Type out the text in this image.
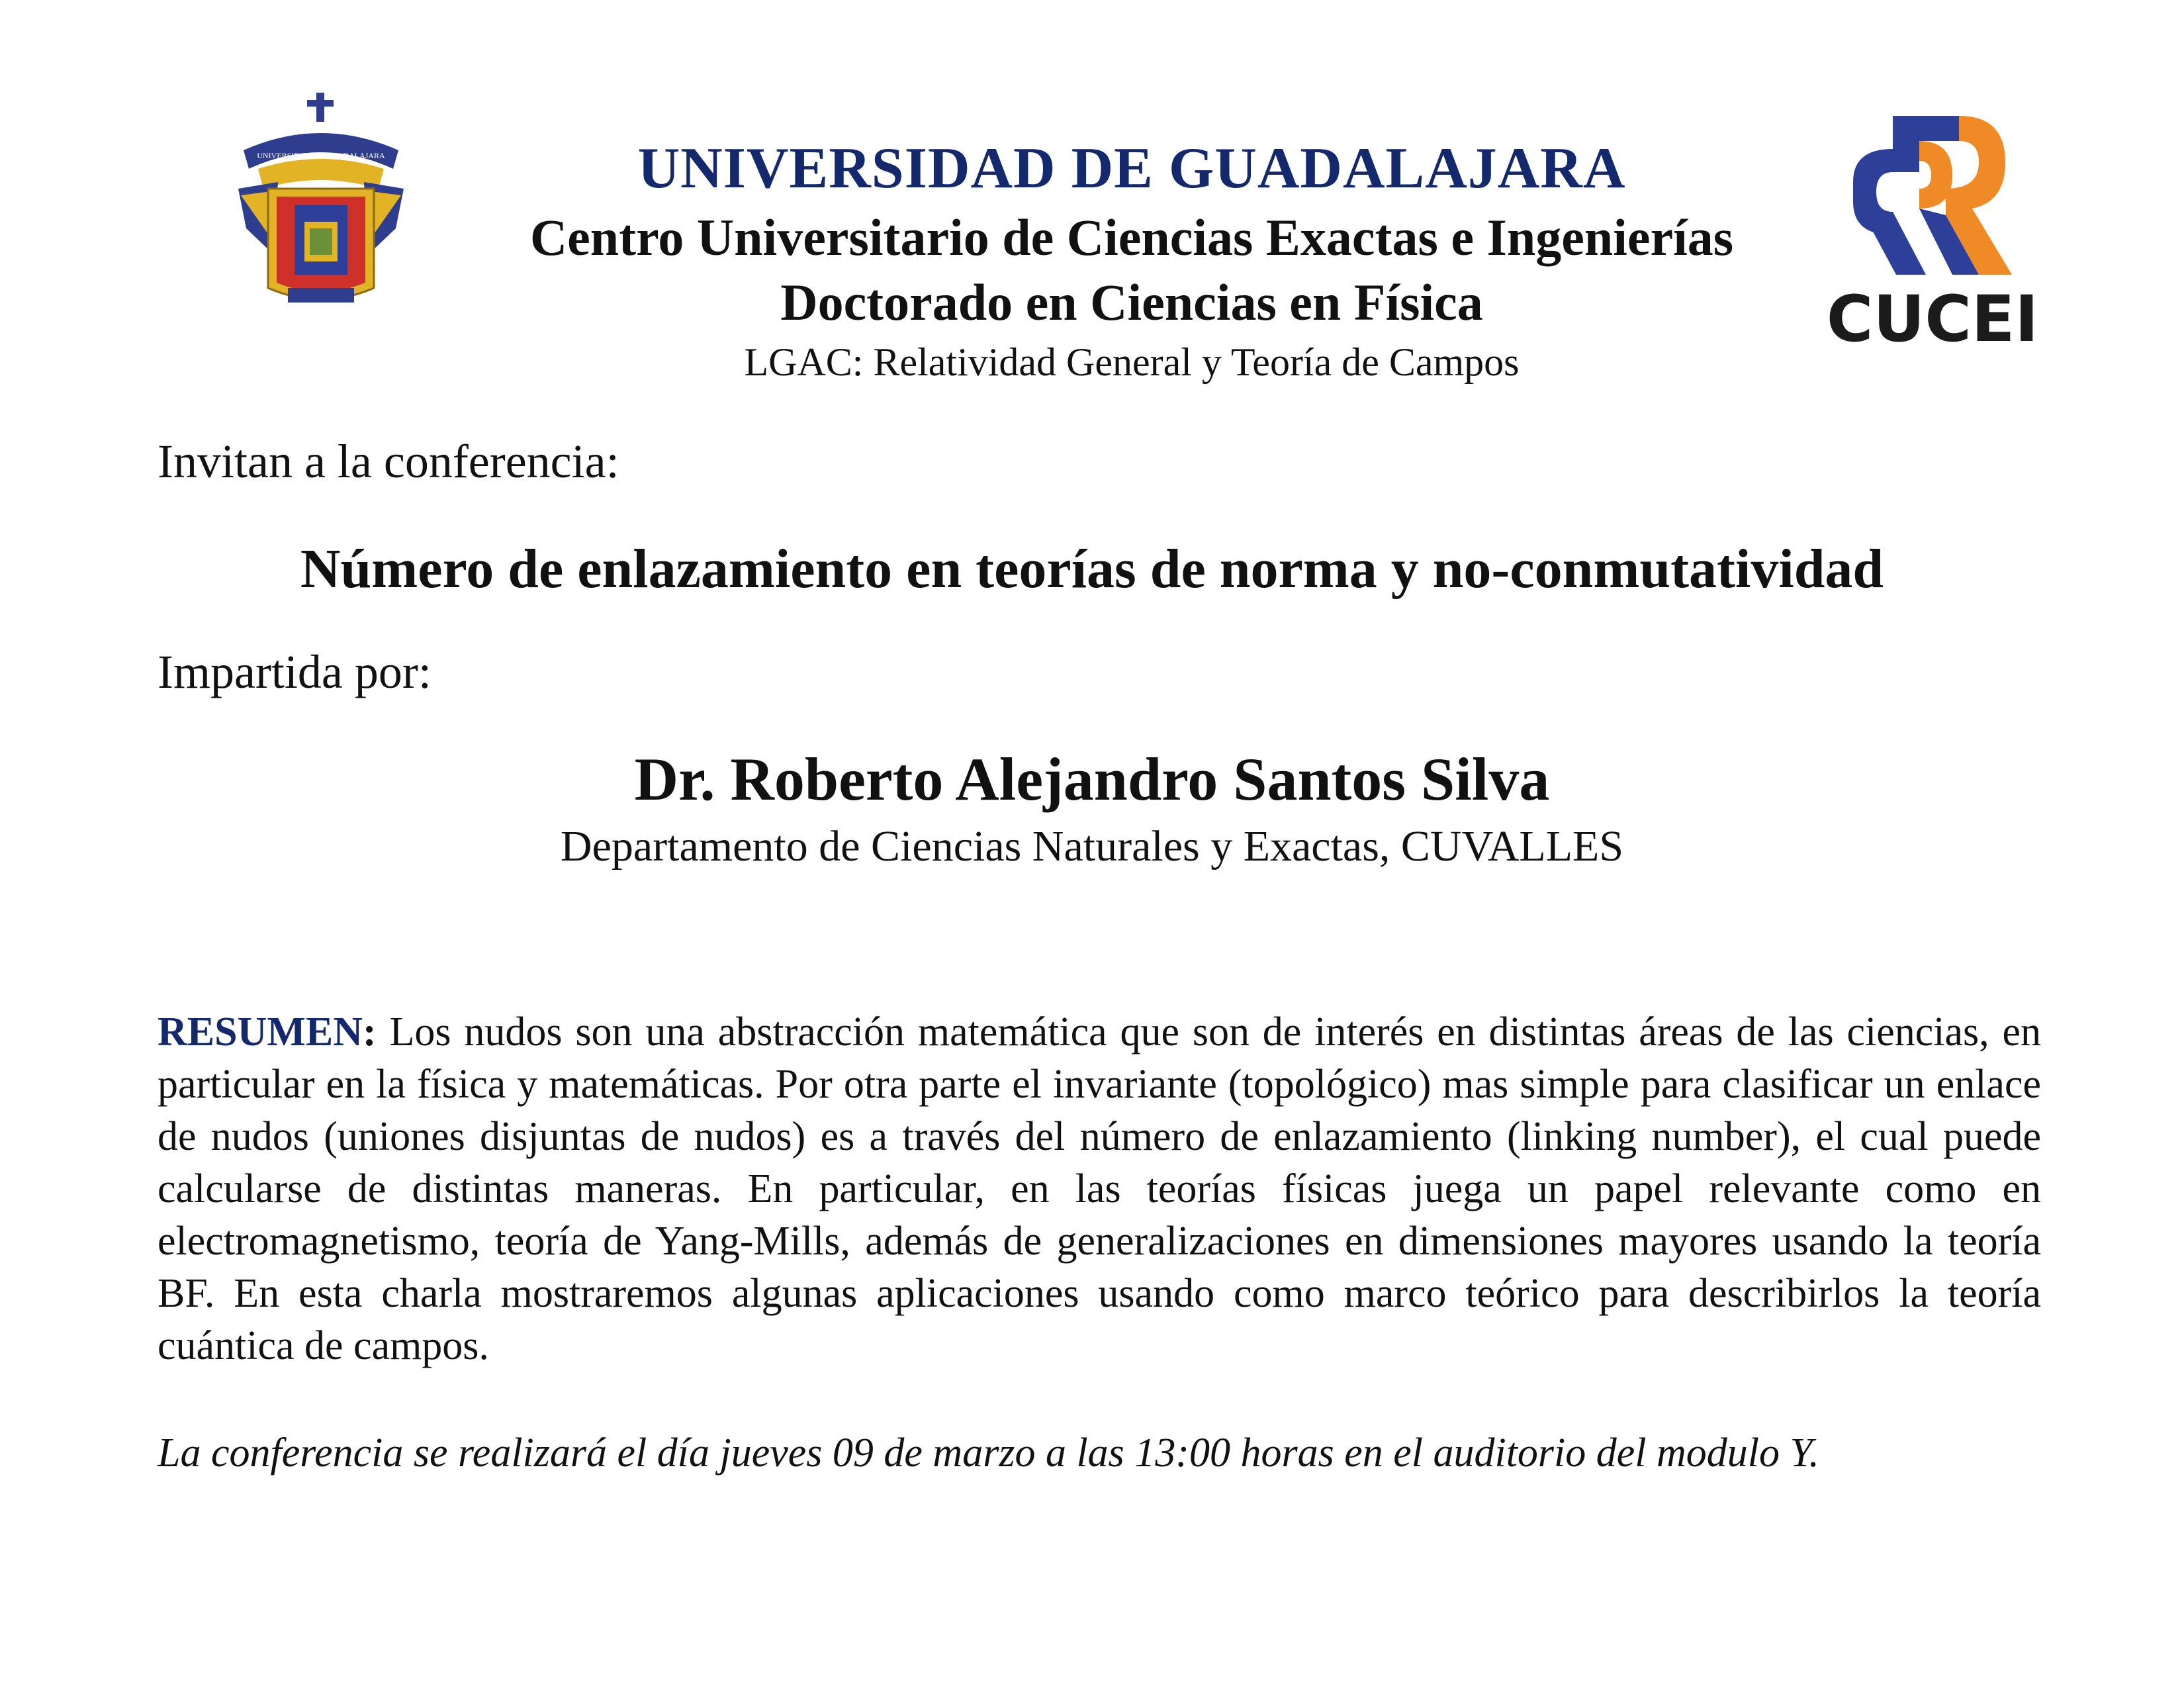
UNIVERSIDAD DE GUADALAJARA	UNIVERSIDAD DE GUADALAJARA
Centro Universitario de Ciencias Exactas e Ingenierías
Doctorado en Ciencias en Física
LGAC: Relatividad General y Teoría de Campos
CUCEI
Invitan a la conferencia:
Número de enlazamiento en teorías de norma y no-conmutatividad
Impartida por:
Dr. Roberto Alejandro Santos Silva
Departamento de Ciencias Naturales y Exactas, CUVALLES
RESUMEN: Los nudos son una abstracción matemática que son de interés en distintas áreas de las ciencias, en particular en la física y matemáticas. Por otra parte el invariante (topológico) mas simple para clasificar un enlace de nudos (uniones disjuntas de nudos) es a través del número de enlazamiento (linking number), el cual puede calcularse de distintas maneras. En particular, en las teorías físicas juega un papel relevante como en electromagnetismo, teoría de Yang-Mills, además de generalizaciones en dimensiones mayores usando la teoría BF. En esta charla mostraremos algunas aplicaciones usando como marco teórico para describirlos la teoría cuántica de campos.
La conferencia se realizará el día jueves 09 de marzo a las 13:00 horas en el auditorio del modulo Y.
